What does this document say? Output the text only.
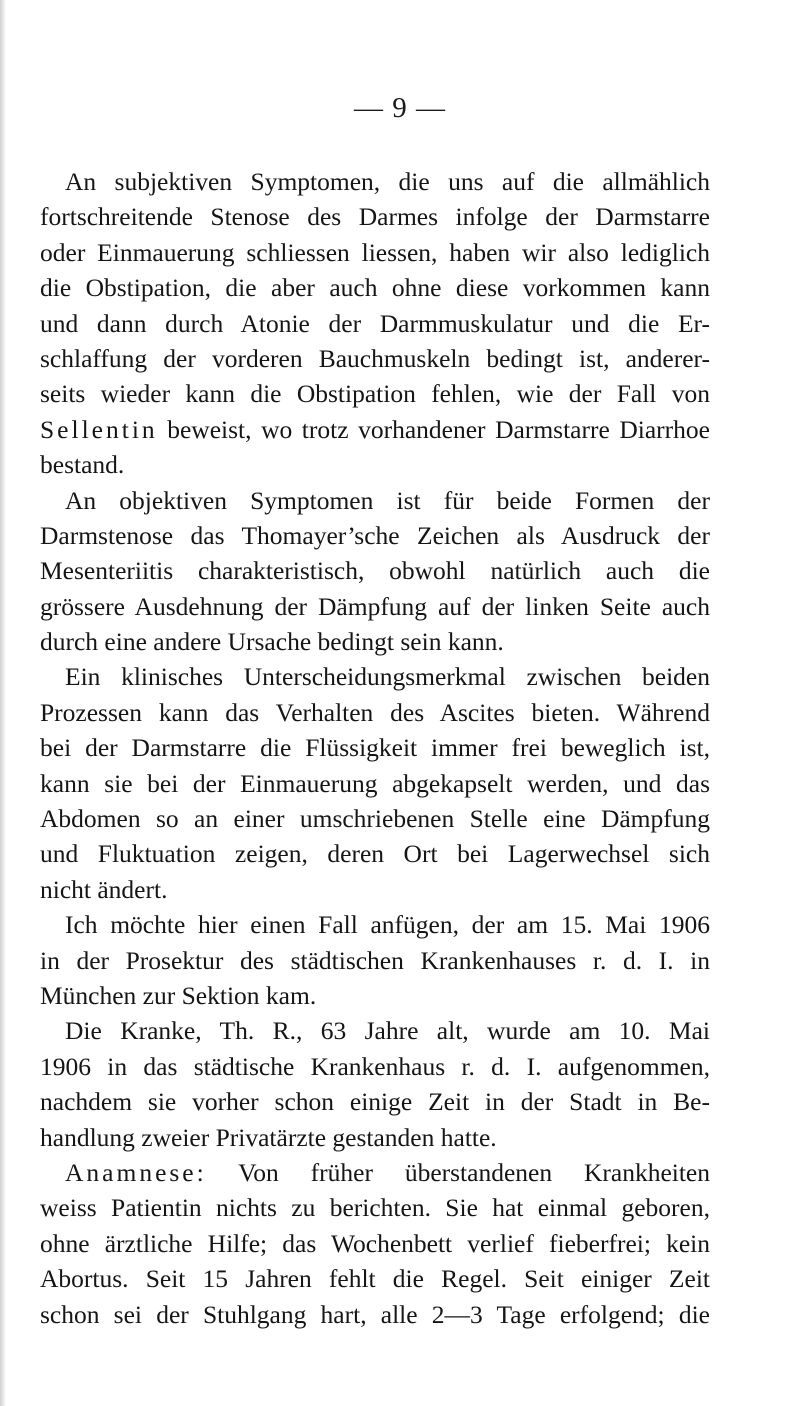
— 9 —
An subjektiven Symptomen, die uns auf die allmählich
fortschreitende Stenose des Darmes infolge der Darmstarre
oder Einmauerung schliessen liessen, haben wir also lediglich
die Obstipation, die aber auch ohne diese vorkommen kann
und dann durch Atonie der Darmmuskulatur und die Er-
schlaffung der vorderen Bauchmuskeln bedingt ist, anderer-
seits wieder kann die Obstipation fehlen, wie der Fall von
Sellentin beweist, wo trotz vorhandener Darmstarre Diarrhoe
bestand.
An objektiven Symptomen ist für beide Formen der
Darmstenose das Thomayer’sche Zeichen als Ausdruck der
Mesenteriitis charakteristisch, obwohl natürlich auch die
grössere Ausdehnung der Dämpfung auf der linken Seite auch
durch eine andere Ursache bedingt sein kann.
Ein klinisches Unterscheidungsmerkmal zwischen beiden
Prozessen kann das Verhalten des Ascites bieten. Während
bei der Darmstarre die Flüssigkeit immer frei beweglich ist,
kann sie bei der Einmauerung abgekapselt werden, und das
Abdomen so an einer umschriebenen Stelle eine Dämpfung
und Fluktuation zeigen, deren Ort bei Lagerwechsel sich
nicht ändert.
Ich möchte hier einen Fall anfügen, der am 15. Mai 1906
in der Prosektur des städtischen Krankenhauses r. d. I. in
München zur Sektion kam.
Die Kranke, Th. R., 63 Jahre alt, wurde am 10. Mai
1906 in das städtische Krankenhaus r. d. I. aufgenommen,
nachdem sie vorher schon einige Zeit in der Stadt in Be-
handlung zweier Privatärzte gestanden hatte.
Anamnese: Von früher überstandenen Krankheiten
weiss Patientin nichts zu berichten. Sie hat einmal geboren,
ohne ärztliche Hilfe; das Wochenbett verlief fieberfrei; kein
Abortus. Seit 15 Jahren fehlt die Regel. Seit einiger Zeit
schon sei der Stuhlgang hart, alle 2—3 Tage erfolgend; die
